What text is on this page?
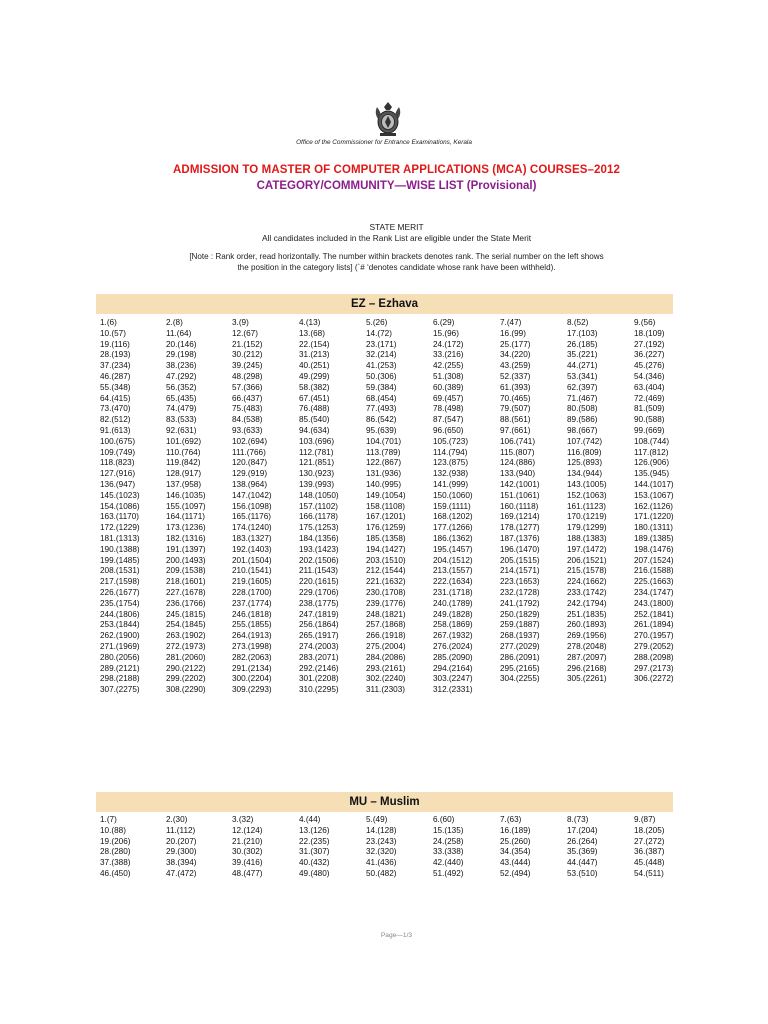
Office of the Commissioner for Entrance Examinations, Kerala
ADMISSION TO MASTER OF COMPUTER APPLICATIONS (MCA) COURSES–2012
CATEGORY/COMMUNITY—WISE LIST (Provisional)
STATE MERIT
All candidates included in the Rank List are eligible under the State Merit
[Note : Rank order, read horizontally. The number within brackets denotes rank. The serial number on the left shows
the position in the category lists] (`# ‘denotes candidate whose rank have been withheld).
EZ – Ezhava
1.(6)	2.(8)	3.(9)	4.(13)	5.(26)	6.(29)	7.(47)	8.(52)	9.(56)
10.(57)	11.(64)	12.(67)	13.(68)	14.(72)	15.(96)	16.(99)	17.(103)	18.(109)
19.(116)	20.(146)	21.(152)	22.(154)	23.(171)	24.(172)	25.(177)	26.(185)	27.(192)
28.(193)	29.(198)	30.(212)	31.(213)	32.(214)	33.(216)	34.(220)	35.(221)	36.(227)
37.(234)	38.(236)	39.(245)	40.(251)	41.(253)	42.(255)	43.(259)	44.(271)	45.(276)
46.(287)	47.(292)	48.(298)	49.(299)	50.(306)	51.(308)	52.(337)	53.(341)	54.(346)
55.(348)	56.(352)	57.(366)	58.(382)	59.(384)	60.(389)	61.(393)	62.(397)	63.(404)
64.(415)	65.(435)	66.(437)	67.(451)	68.(454)	69.(457)	70.(465)	71.(467)	72.(469)
73.(470)	74.(479)	75.(483)	76.(488)	77.(493)	78.(498)	79.(507)	80.(508)	81.(509)
82.(512)	83.(533)	84.(538)	85.(540)	86.(542)	87.(547)	88.(561)	89.(586)	90.(588)
91.(613)	92.(631)	93.(633)	94.(634)	95.(639)	96.(650)	97.(661)	98.(667)	99.(669)
100.(675)	101.(692)	102.(694)	103.(696)	104.(701)	105.(723)	106.(741)	107.(742)	108.(744)
109.(749)	110.(764)	111.(766)	112.(781)	113.(789)	114.(794)	115.(807)	116.(809)	117.(812)
118.(823)	119.(842)	120.(847)	121.(851)	122.(867)	123.(875)	124.(886)	125.(893)	126.(906)
127.(916)	128.(917)	129.(919)	130.(923)	131.(936)	132.(938)	133.(940)	134.(944)	135.(945)
136.(947)	137.(958)	138.(964)	139.(993)	140.(995)	141.(999)	142.(1001)	143.(1005)	144.(1017)
145.(1023)	146.(1035)	147.(1042)	148.(1050)	149.(1054)	150.(1060)	151.(1061)	152.(1063)	153.(1067)
154.(1086)	155.(1097)	156.(1098)	157.(1102)	158.(1108)	159.(1111)	160.(1118)	161.(1123)	162.(1126)
163.(1170)	164.(1171)	165.(1176)	166.(1178)	167.(1201)	168.(1202)	169.(1214)	170.(1219)	171.(1220)
172.(1229)	173.(1236)	174.(1240)	175.(1253)	176.(1259)	177.(1266)	178.(1277)	179.(1299)	180.(1311)
181.(1313)	182.(1316)	183.(1327)	184.(1356)	185.(1358)	186.(1362)	187.(1376)	188.(1383)	189.(1385)
190.(1388)	191.(1397)	192.(1403)	193.(1423)	194.(1427)	195.(1457)	196.(1470)	197.(1472)	198.(1476)
199.(1485)	200.(1493)	201.(1504)	202.(1506)	203.(1510)	204.(1512)	205.(1515)	206.(1521)	207.(1524)
208.(1531)	209.(1538)	210.(1541)	211.(1543)	212.(1544)	213.(1557)	214.(1571)	215.(1578)	216.(1588)
217.(1598)	218.(1601)	219.(1605)	220.(1615)	221.(1632)	222.(1634)	223.(1653)	224.(1662)	225.(1663)
226.(1677)	227.(1678)	228.(1700)	229.(1706)	230.(1708)	231.(1718)	232.(1728)	233.(1742)	234.(1747)
235.(1754)	236.(1766)	237.(1774)	238.(1775)	239.(1776)	240.(1789)	241.(1792)	242.(1794)	243.(1800)
244.(1806)	245.(1815)	246.(1818)	247.(1819)	248.(1821)	249.(1828)	250.(1829)	251.(1835)	252.(1841)
253.(1844)	254.(1845)	255.(1855)	256.(1864)	257.(1868)	258.(1869)	259.(1887)	260.(1893)	261.(1894)
262.(1900)	263.(1902)	264.(1913)	265.(1917)	266.(1918)	267.(1932)	268.(1937)	269.(1956)	270.(1957)
271.(1969)	272.(1973)	273.(1998)	274.(2003)	275.(2004)	276.(2024)	277.(2029)	278.(2048)	279.(2052)
280.(2056)	281.(2060)	282.(2063)	283.(2071)	284.(2086)	285.(2090)	286.(2091)	287.(2097)	288.(2098)
289.(2121)	290.(2122)	291.(2134)	292.(2146)	293.(2161)	294.(2164)	295.(2165)	296.(2168)	297.(2173)
298.(2188)	299.(2202)	300.(2204)	301.(2208)	302.(2240)	303.(2247)	304.(2255)	305.(2261)	306.(2272)
307.(2275)	308.(2290)	309.(2293)	310.(2295)	311.(2303)	312.(2331)
MU – Muslim
1.(7)	2.(30)	3.(32)	4.(44)	5.(49)	6.(60)	7.(63)	8.(73)	9.(87)
10.(88)	11.(112)	12.(124)	13.(126)	14.(128)	15.(135)	16.(189)	17.(204)	18.(205)
19.(206)	20.(207)	21.(210)	22.(235)	23.(243)	24.(258)	25.(260)	26.(264)	27.(272)
28.(280)	29.(300)	30.(302)	31.(307)	32.(320)	33.(338)	34.(354)	35.(369)	36.(387)
37.(388)	38.(394)	39.(416)	40.(432)	41.(436)	42.(440)	43.(444)	44.(447)	45.(448)
46.(450)	47.(472)	48.(477)	49.(480)	50.(482)	51.(492)	52.(494)	53.(510)	54.(511)
Page—1/3
